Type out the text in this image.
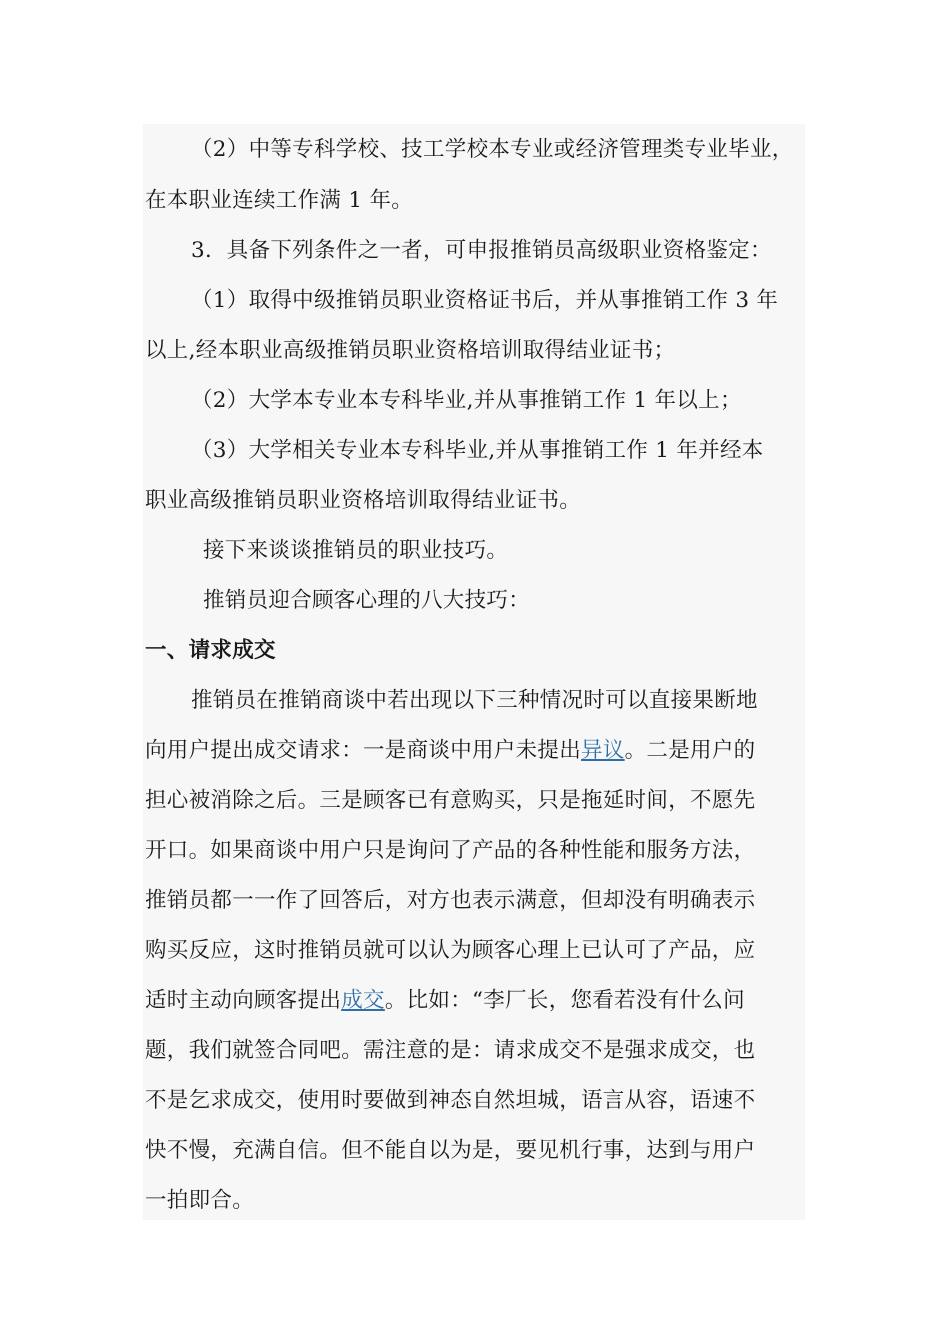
（2）中等专科学校、技工学校本专业或经济管理类专业毕业，
在本职业连续工作满 1 年。
3．具备下列条件之一者，可申报推销员高级职业资格鉴定：
（1）取得中级推销员职业资格证书后，并从事推销工作 3 年
以上,经本职业高级推销员职业资格培训取得结业证书；
（2）大学本专业本专科毕业,并从事推销工作 1 年以上；
（3）大学相关专业本专科毕业,并从事推销工作 1 年并经本
职业高级推销员职业资格培训取得结业证书。
接下来谈谈推销员的职业技巧。
推销员迎合顾客心理的八大技巧：
一、请求成交
推销员在推销商谈中若出现以下三种情况时可以直接果断地
向用户提出成交请求：一是商谈中用户未提出异议。二是用户的
担心被消除之后。三是顾客已有意购买，只是拖延时间，不愿先
开口。如果商谈中用户只是询问了产品的各种性能和服务方法，
推销员都一一作了回答后，对方也表示满意，但却没有明确表示
购买反应，这时推销员就可以认为顾客心理上已认可了产品，应
适时主动向顾客提出成交。比如：“李厂长，您看若没有什么问
题，我们就签合同吧。需注意的是：请求成交不是强求成交，也
不是乞求成交，使用时要做到神态自然坦城，语言从容，语速不
快不慢，充满自信。但不能自以为是，要见机行事，达到与用户
一拍即合。
